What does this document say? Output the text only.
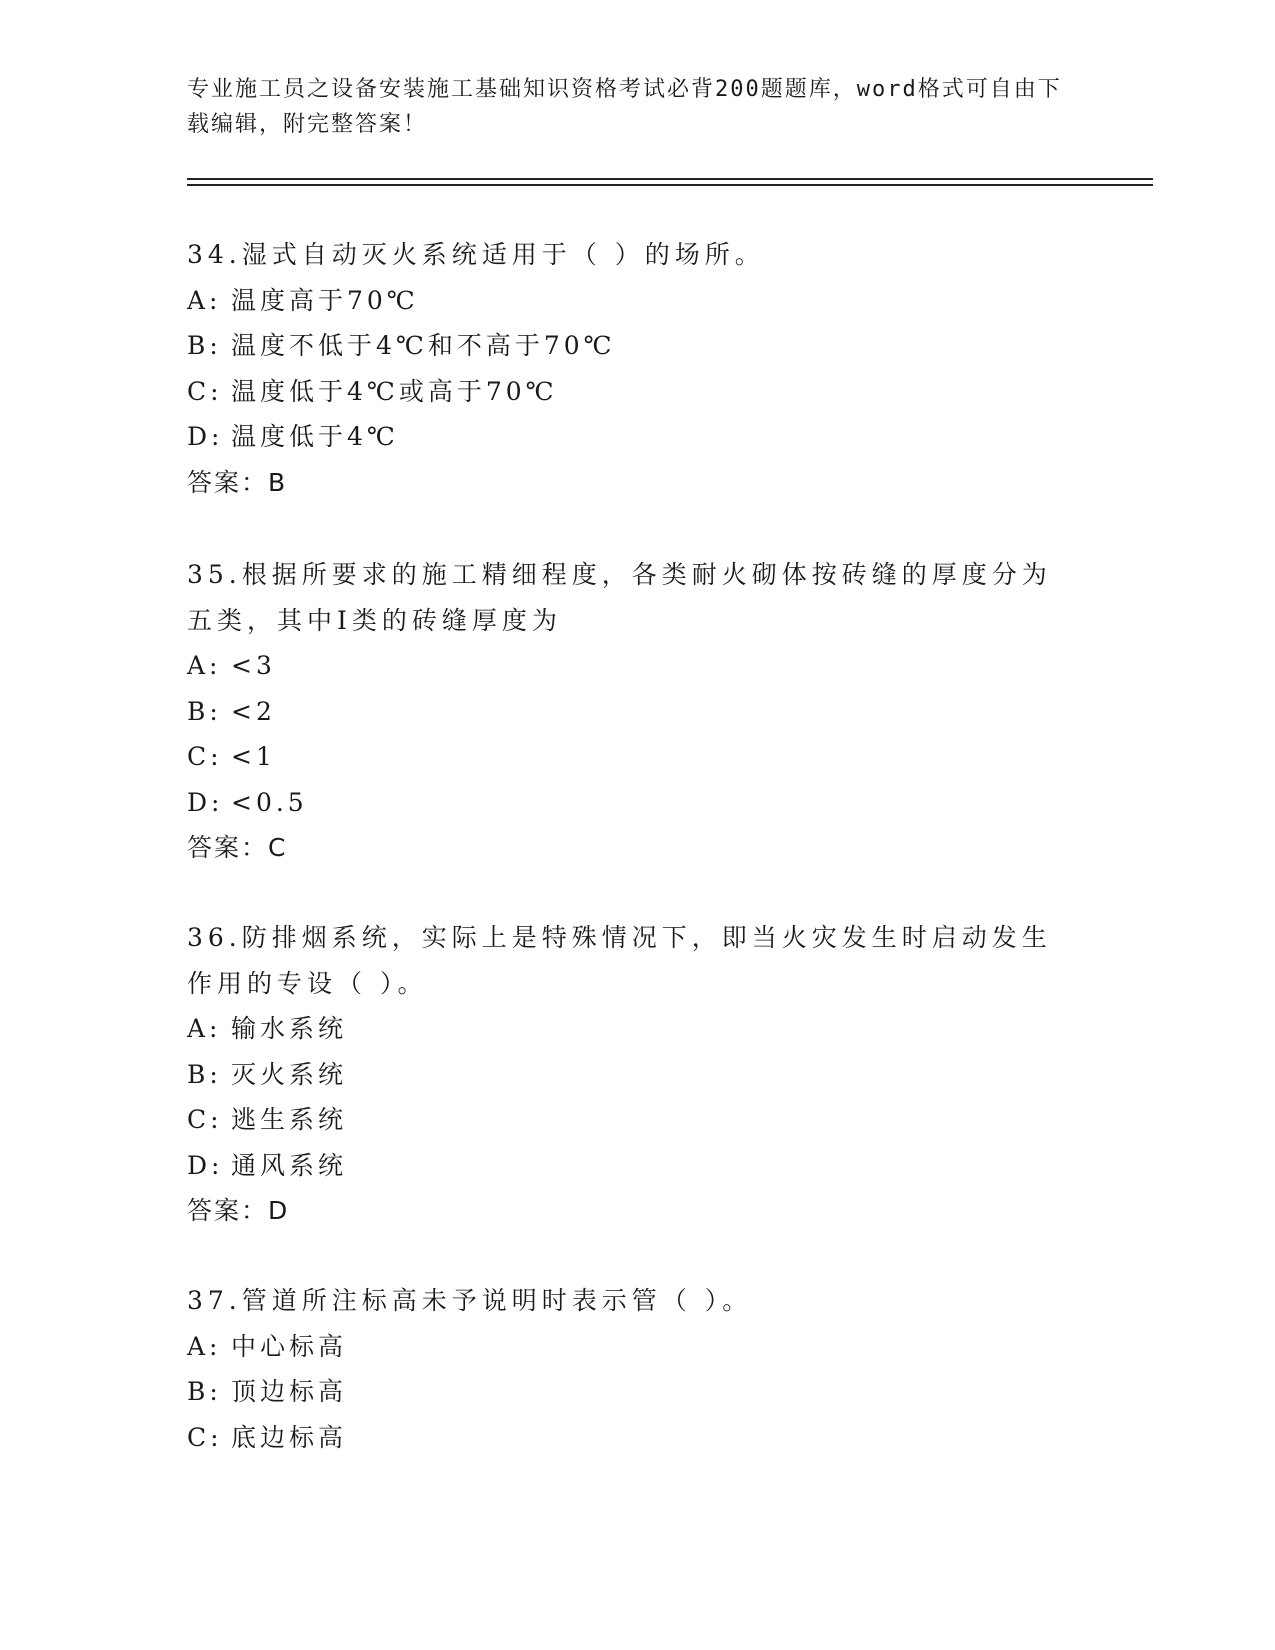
专业施工员之设备安装施工基础知识资格考试必背200题题库，word格式可自由下载编辑，附完整答案！
34.湿式自动灭火系统适用于（ ）的场所。
A: 温度高于70℃
B: 温度不低于4℃和不高于70℃
C: 温度低于4℃或高于70℃
D: 温度低于4℃
答案：B
35.根据所要求的施工精细程度，各类耐火砌体按砖缝的厚度分为五类，其中Ⅰ类的砖缝厚度为
A: <3
B: <2
C: <1
D: <0.5
答案：C
36.防排烟系统，实际上是特殊情况下，即当火灾发生时启动发生作用的专设（ ）。
A: 输水系统
B: 灭火系统
C: 逃生系统
D: 通风系统
答案：D
37.管道所注标高未予说明时表示管（ ）。
A: 中心标高
B: 顶边标高
C: 底边标高
